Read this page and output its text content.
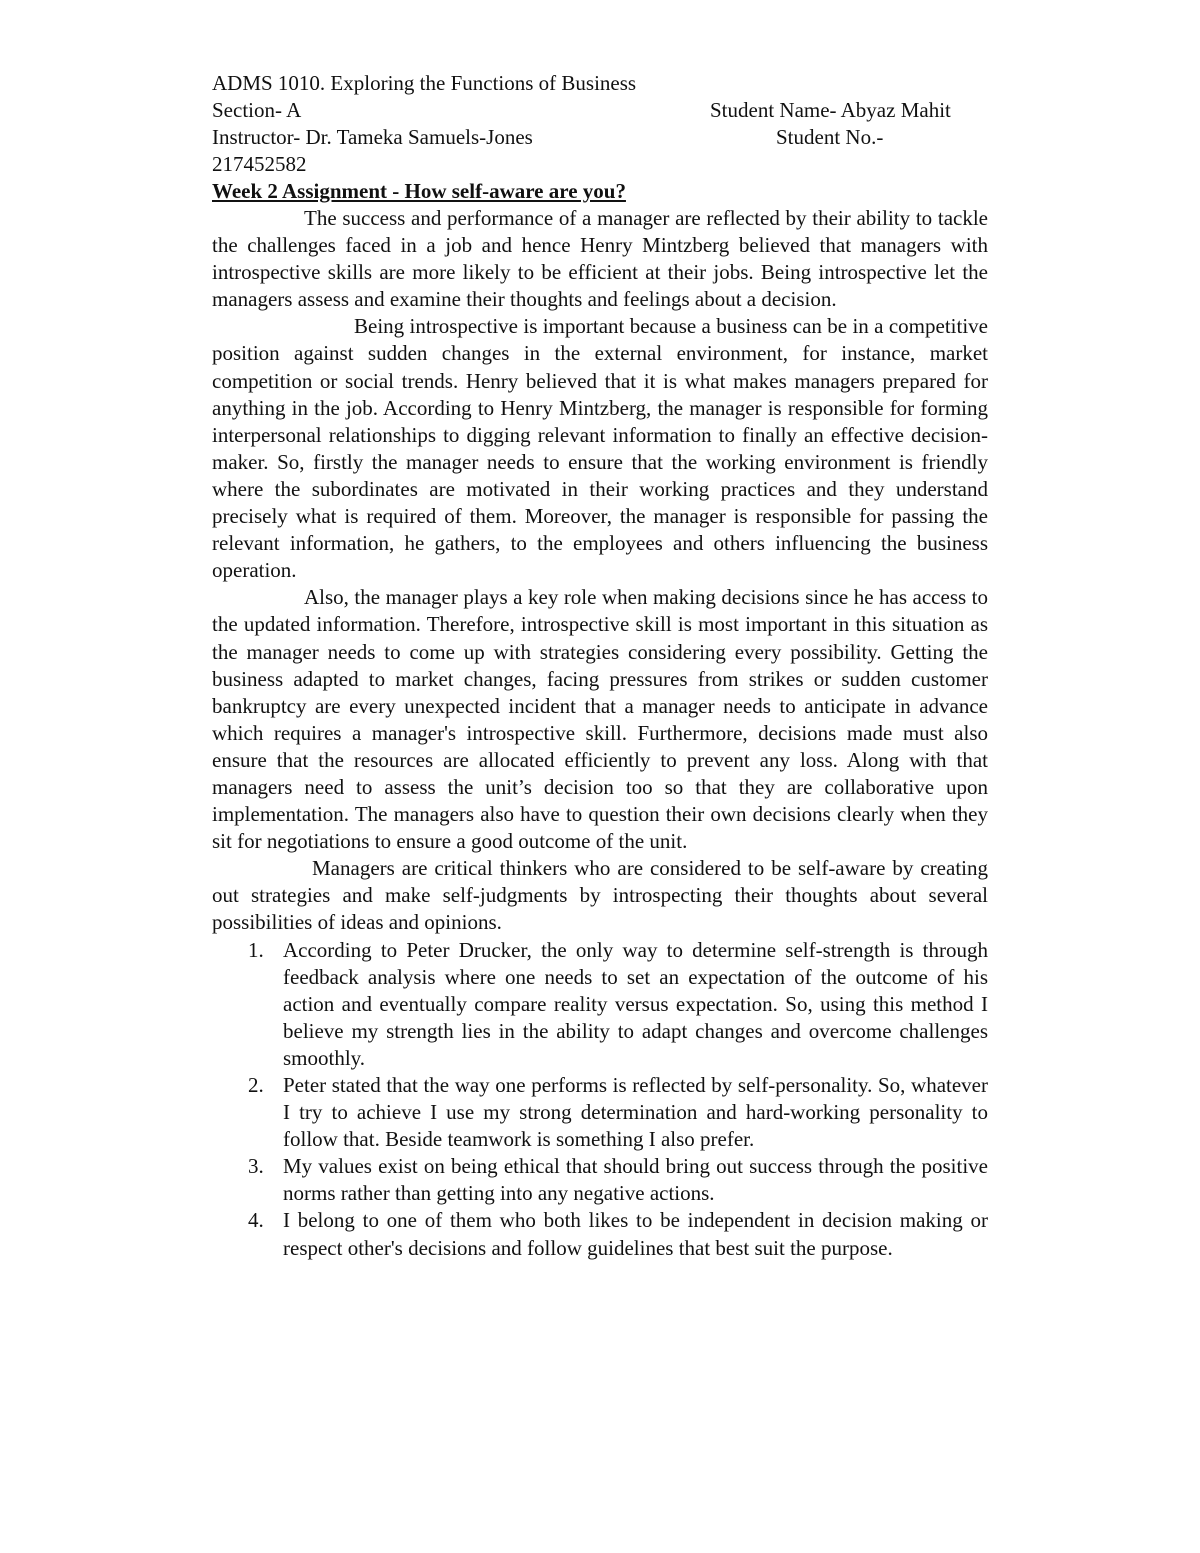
ADMS 1010. Exploring the Functions of Business
Section- A	Student Name- Abyaz Mahit
Instructor- Dr. Tameka Samuels-Jones	Student No.-
217452582
Week 2 Assignment - How self-aware are you?

The success and performance of a manager are reflected by their ability to tackle the challenges faced in a job and hence Henry Mintzberg believed that managers with introspective skills are more likely to be efficient at their jobs. Being introspective let the managers assess and examine their thoughts and feelings about a decision.

Being introspective is important because a business can be in a competitive position against sudden changes in the external environment, for instance, market competition or social trends. Henry believed that it is what makes managers prepared for anything in the job. According to Henry Mintzberg, the manager is responsible for forming interpersonal relationships to digging relevant information to finally an effective decision-maker. So, firstly the manager needs to ensure that the working environment is friendly where the subordinates are motivated in their working practices and they understand precisely what is required of them. Moreover, the manager is responsible for passing the relevant information, he gathers, to the employees and others influencing the business operation.

Also, the manager plays a key role when making decisions since he has access to the updated information. Therefore, introspective skill is most important in this situation as the manager needs to come up with strategies considering every possibility. Getting the business adapted to market changes, facing pressures from strikes or sudden customer bankruptcy are every unexpected incident that a manager needs to anticipate in advance which requires a manager's introspective skill. Furthermore, decisions made must also ensure that the resources are allocated efficiently to prevent any loss. Along with that managers need to assess the unit’s decision too so that they are collaborative upon implementation. The managers also have to question their own decisions clearly when they sit for negotiations to ensure a good outcome of the unit.

Managers are critical thinkers who are considered to be self-aware by creating out strategies and make self-judgments by introspecting their thoughts about several possibilities of ideas and opinions.

1. According to Peter Drucker, the only way to determine self-strength is through feedback analysis where one needs to set an expectation of the outcome of his action and eventually compare reality versus expectation. So, using this method I believe my strength lies in the ability to adapt changes and overcome challenges smoothly.
2. Peter stated that the way one performs is reflected by self-personality. So, whatever I try to achieve I use my strong determination and hard-working personality to follow that. Beside teamwork is something I also prefer.
3. My values exist on being ethical that should bring out success through the positive norms rather than getting into any negative actions.
4. I belong to one of them who both likes to be independent in decision making or respect other's decisions and follow guidelines that best suit the purpose.
